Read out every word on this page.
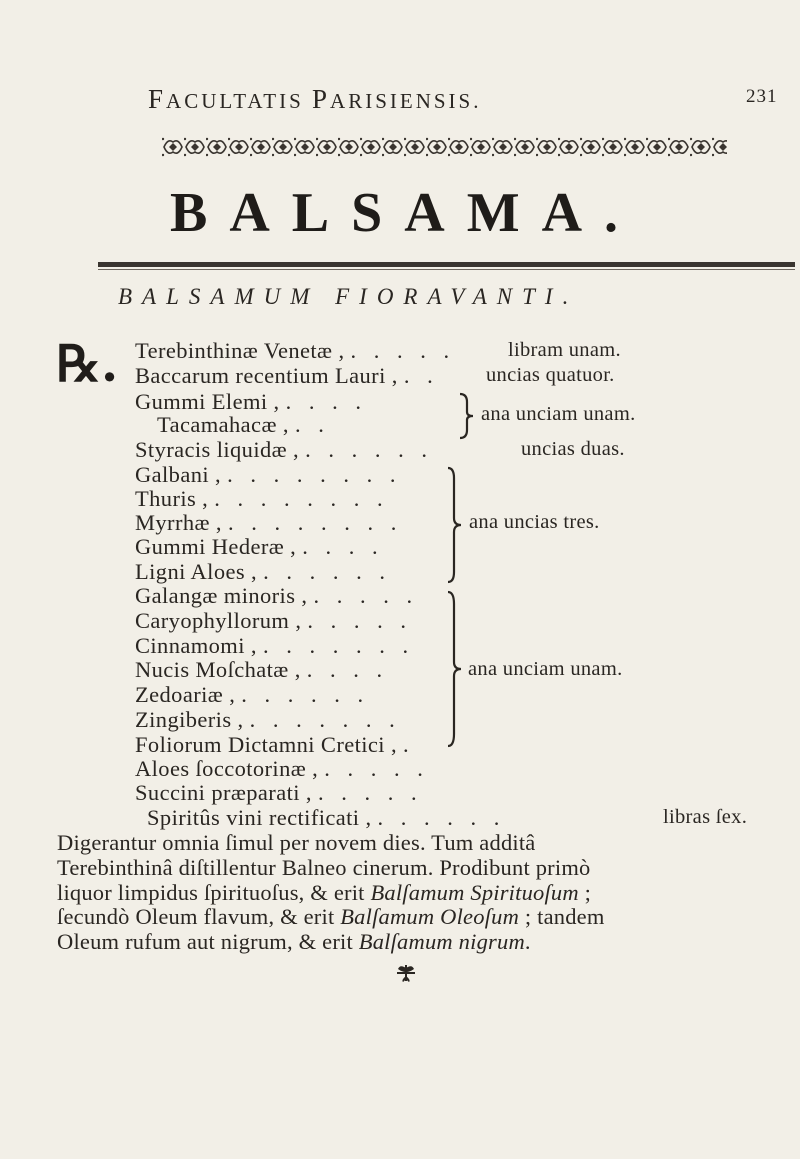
FACULTATIS PARISIENSIS.	231
BALSAMA.
BALSAMUM FIORAVANTI.
℞. Terebinthinæ Venetæ , . . . . .
Baccarum recentium Lauri , . .
Gummi Elemi , . . . .
Tacamahacæ , . .
Styracis liquidæ , . . . . . .
Galbani , . . . . . . . .
Thuris , . . . . . . . .
Myrrhæ , . . . . . . . .
Gummi Hederæ , . . . .
Ligni Aloes , . . . . . .
Galangæ minoris , . . . . .
Caryophyllorum , . . . . .
Cinnamomi , . . . . . . .
Nucis Moſchatæ , . . . .
Zedoariæ , . . . . . .
Zingiberis , . . . . . . .
Foliorum Dictamni Cretici , .
Aloes ſoccotorinæ , . . . . .
Succini præparati , . . . . .
Spiritûs vini rectificati , . . . . . .
libram unam.
uncias quatuor.
ana unciam unam.
uncias duas.
ana uncias tres.
ana unciam unam.
libras ſex.
Digerantur omnia ſimul per novem dies. Tum additâ
Terebinthinâ diſtillentur Balneo cinerum. Prodibunt primò
liquor limpidus ſpirituoſus, & erit Balſamum Spirituoſum ;
ſecundò Oleum flavum, & erit Balſamum Oleoſum ; tandem
Oleum rufum aut nigrum, & erit Balſamum nigrum.
